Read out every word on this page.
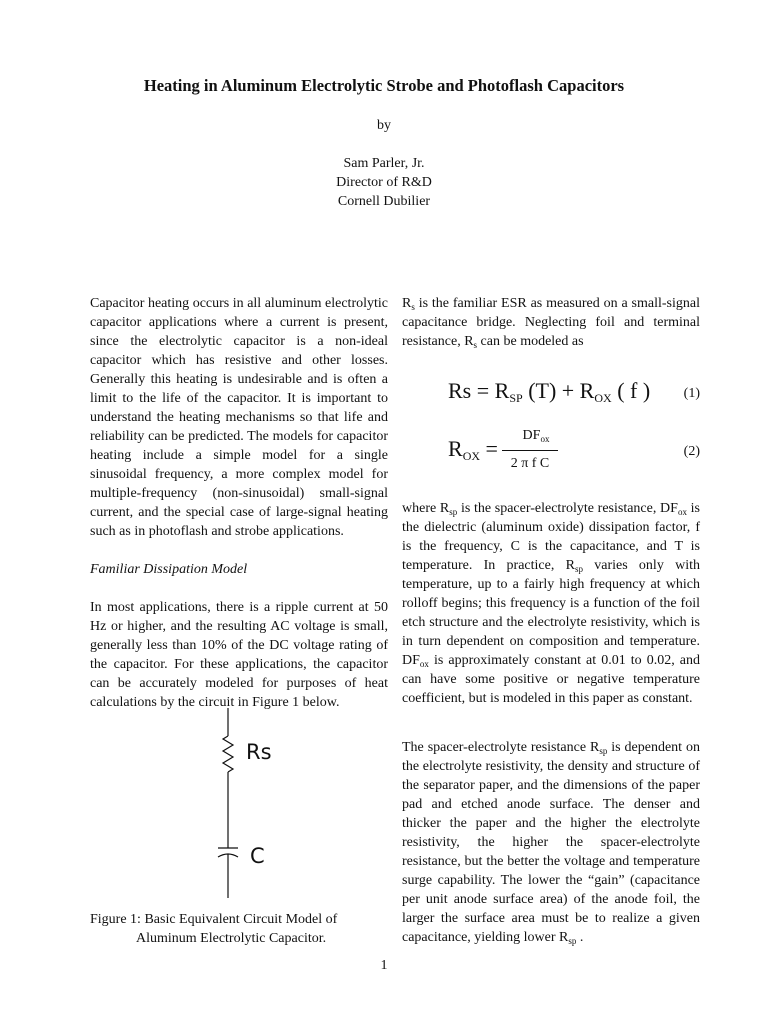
Heating in Aluminum Electrolytic Strobe and Photoflash Capacitors
by
Sam Parler, Jr.
Director of R&D
Cornell Dubilier

Capacitor heating occurs in all aluminum electrolytic capacitor applications where a current is present, since the electrolytic capacitor is a non-ideal capacitor which has resistive and other losses. Generally this heating is undesirable and is often a limit to the life of the capacitor. It is important to understand the heating mechanisms so that life and reliability can be predicted. The models for capacitor heating include a simple model for a single sinusoidal frequency, a more complex model for multiple-frequency (non-sinusoidal) small-signal current, and the special case of large-signal heating such as in photoflash and strobe applications.

Familiar Dissipation Model

In most applications, there is a ripple current at 50 Hz or higher, and the resulting AC voltage is small, generally less than 10% of the DC voltage rating of the capacitor. For these applications, the capacitor can be accurately modeled for purposes of heat calculations by the circuit in Figure 1 below.

Rs
C
Figure 1: Basic Equivalent Circuit Model of
Aluminum Electrolytic Capacitor.
$R_s$ is the familiar ESR as measured on a small-signal capacitance bridge. Neglecting foil and terminal resistance, $R_s$ can be modeled as
$Rs = R_{SP}$ $(T) + R_{OX}$ ( f ) (1)
$R_{OX}$ =
$DF_{ox}$
2 π f C
(2)
where $R_{sp}$ is the spacer-electrolyte resistance, $DF_{ox}$ is the dielectric (aluminum oxide) dissipation factor, f is the frequency, C is the capacitance, and T is temperature. In practice, $R_{sp}$ varies only with temperature, up to a fairly high frequency at which rolloff begins; this frequency is a function of the foil etch structure and the electrolyte resistivity, which is in turn dependent on composition and temperature. $DF_{ox}$ is approximately constant at 0.01 to 0.02, and can have some positive or negative temperature coefficient, but is modeled in this paper as constant.
The spacer-electrolyte resistance $R_{sp}$ is dependent on the electrolyte resistivity, the density and structure of the separator paper, and the dimensions of the paper pad and etched anode surface. The denser and thicker the paper and the higher the electrolyte resistivity, the higher the spacer-electrolyte resistance, but the better the voltage and temperature surge capability. The lower the “gain” (capacitance per unit anode surface area) of the anode foil, the larger the surface area must be to realize a given capacitance, yielding lower $R_{sp}$ .
1
